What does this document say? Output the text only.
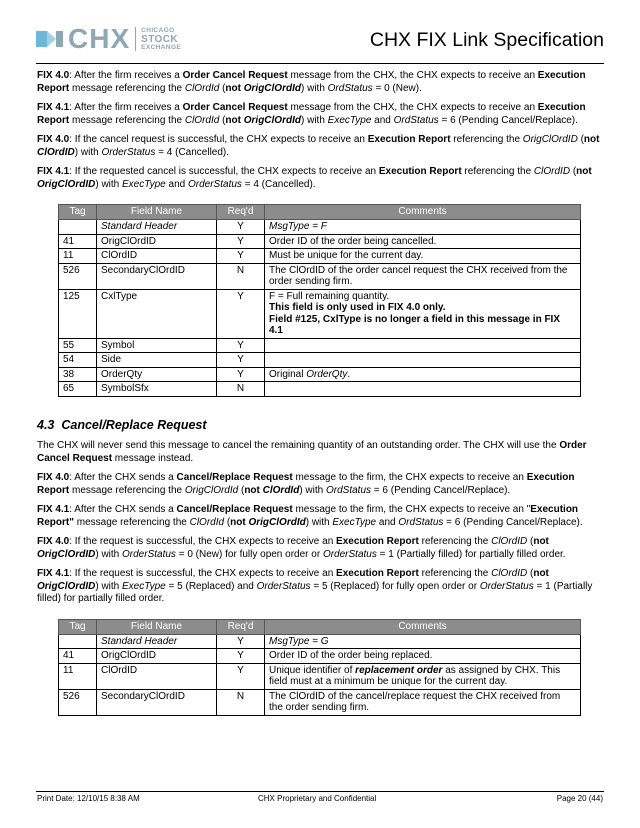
CHX CHICAGO
STOCK
EXCHANGE	CHX FIX Link Specification

FIX 4.0: After the firm receives a Order Cancel Request message from the CHX, the CHX expects to receive an Execution Report message referencing the ClOrdId (not OrigClOrdId) with OrdStatus = 0 (New).

FIX 4.1: After the firm receives a Order Cancel Request message from the CHX, the CHX expects to receive an Execution Report message referencing the ClOrdId (not OrigClOrdId) with ExecType and OrdStatus = 6 (Pending Cancel/Replace).

FIX 4.0: If the cancel request is successful, the CHX expects to receive an Execution Report referencing the OrigClOrdID (not ClOrdID) with OrderStatus = 4 (Cancelled).

FIX 4.1: If the requested cancel is successful, the CHX expects to receive an Execution Report referencing the ClOrdID (not OrigClOrdID) with ExecType and OrderStatus = 4 (Cancelled).

Tag	Field Name	Req'd	Comments
	Standard Header	Y	MsgType = F
41	OrigClOrdID	Y	Order ID of the order being cancelled.
11	ClOrdID	Y	Must be unique for the current day.
526	SecondaryClOrdID	N	The ClOrdID of the order cancel request the CHX received from the order sending firm.
125	CxlType	Y	F = Full remaining quantity.
This field is only used in FIX 4.0 only.
Field #125, CxlType is no longer a field in this message in FIX 4.1
55	Symbol	Y	
54	Side	Y	
38	OrderQty	Y	Original OrderQty.
65	SymbolSfx	N	
4.3 Cancel/Replace Request

The CHX will never send this message to cancel the remaining quantity of an outstanding order. The CHX will use the Order Cancel Request message instead.

FIX 4.0: After the CHX sends a Cancel/Replace Request message to the firm, the CHX expects to receive an Execution Report message referencing the OrigClOrdId (not ClOrdId) with OrdStatus = 6 (Pending Cancel/Replace).

FIX 4.1: After the CHX sends a Cancel/Replace Request message to the firm, the CHX expects to receive an "Execution Report" message referencing the ClOrdId (not OrigClOrdId) with ExecType and OrdStatus = 6 (Pending Cancel/Replace).

FIX 4.0: If the request is successful, the CHX expects to receive an Execution Report referencing the ClOrdID (not OrigClOrdID) with OrderStatus = 0 (New) for fully open order or OrderStatus = 1 (Partially filled) for partially filled order.

FIX 4.1: If the request is successful, the CHX expects to receive an Execution Report referencing the ClOrdID (not OrigClOrdID) with ExecType = 5 (Replaced) and OrderStatus = 5 (Replaced) for fully open order or OrderStatus = 1 (Partially filled) for partially filled order.

Tag	Field Name	Req'd	Comments
	Standard Header	Y	MsgType = G
41	OrigClOrdID	Y	Order ID of the order being replaced.
11	ClOrdID	Y	Unique identifier of replacement order as assigned by CHX. This field must at a minimum be unique for the current day.
526	SecondaryClOrdID	N	The ClOrdID of the cancel/replace request the CHX received from the order sending firm.
Print Date: 12/10/15 8:38 AM	CHX Proprietary and Confidential	Page 20 (44)
